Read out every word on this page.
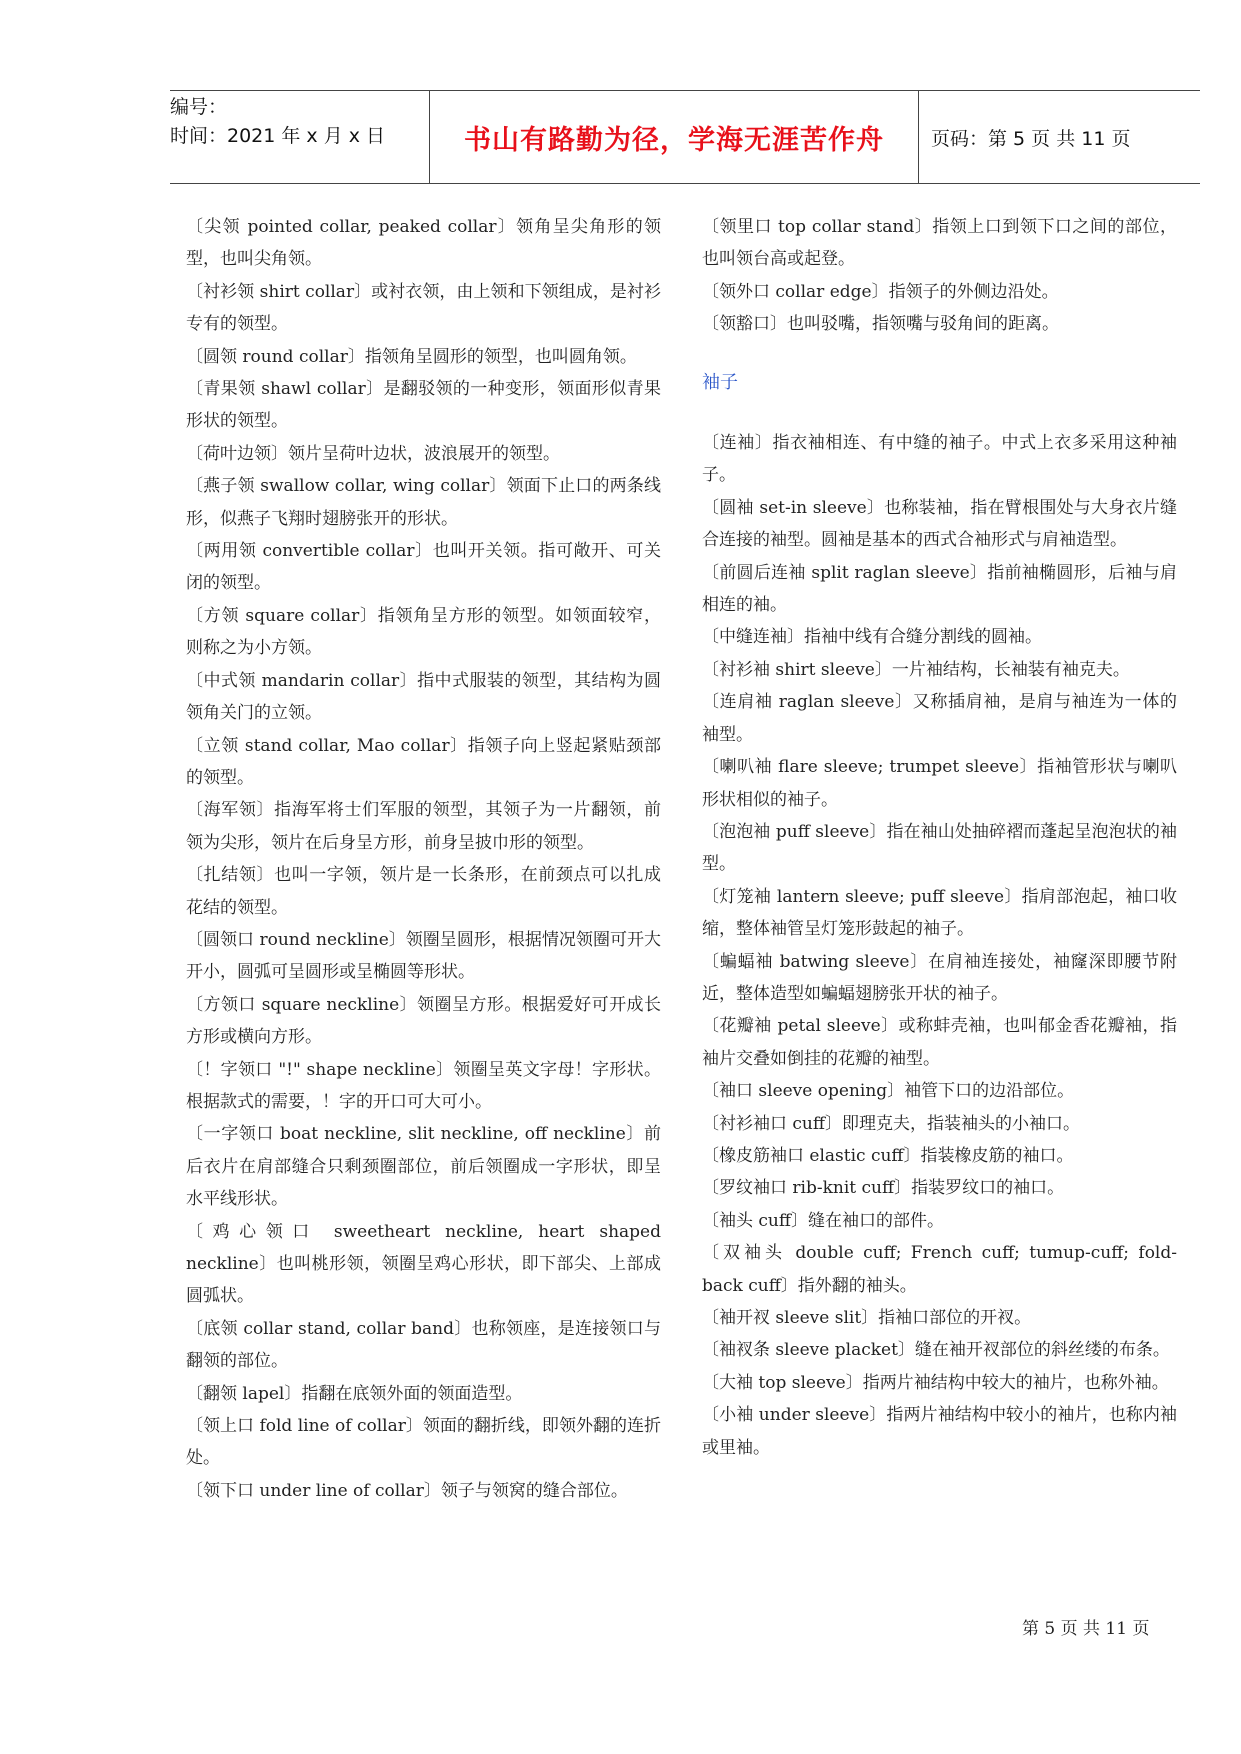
编号：
时间：2021 年 x 月 x 日	书山有路勤为径，学海无涯苦作舟	页码：第 5 页 共 11 页

〔尖领 pointed collar, peaked collar〕领角呈尖角形的领型，也叫尖角领。

〔衬衫领 shirt collar〕或衬衣领，由上领和下领组成，是衬衫专有的领型。

〔圆领 round collar〕指领角呈圆形的领型，也叫圆角领。

〔青果领 shawl collar〕是翻驳领的一种变形，领面形似青果形状的领型。

〔荷叶边领〕领片呈荷叶边状，波浪展开的领型。

〔燕子领 swallow collar, wing collar〕领面下止口的两条线形，似燕子飞翔时翅膀张开的形状。

〔两用领 convertible collar〕也叫开关领。指可敞开、可关闭的领型。

〔方领 square collar〕指领角呈方形的领型。如领面较窄，则称之为小方领。

〔中式领 mandarin collar〕指中式服装的领型，其结构为圆领角关门的立领。

〔立领 stand collar, Mao collar〕指领子向上竖起紧贴颈部的领型。

〔海军领〕指海军将士们军服的领型，其领子为一片翻领，前领为尖形，领片在后身呈方形，前身呈披巾形的领型。

〔扎结领〕也叫一字领，领片是一长条形，在前颈点可以扎成花结的领型。

〔圆领口 round neckline〕领圈呈圆形，根据情况领圈可开大开小，圆弧可呈圆形或呈椭圆等形状。

〔方领口 square neckline〕领圈呈方形。根据爱好可开成长方形或横向方形。

〔！字领口 "!" shape neckline〕领圈呈英文字母！字形状。根据款式的需要，！字的开口可大可小。

〔一字领口 boat neckline, slit neckline, off neckline〕前后衣片在肩部缝合只剩颈圈部位，前后领圈成一字形状，即呈水平线形状。

〔鸡心领口 sweetheart neckline, heart shaped neckline〕也叫桃形领，领圈呈鸡心形状，即下部尖、上部成圆弧状。

〔底领 collar stand, collar band〕也称领座，是连接领口与翻领的部位。

〔翻领 lapel〕指翻在底领外面的领面造型。

〔领上口 fold line of collar〕领面的翻折线，即领外翻的连折处。

〔领下口 under line of collar〕领子与领窝的缝合部位。

〔领里口 top collar stand〕指领上口到领下口之间的部位，也叫领台高或起登。

〔领外口 collar edge〕指领子的外侧边沿处。

〔领豁口〕也叫驳嘴，指领嘴与驳角间的距离。

袖子

〔连袖〕指衣袖相连、有中缝的袖子。中式上衣多采用这种袖子。

〔圆袖 set-in sleeve〕也称装袖，指在臂根围处与大身衣片缝合连接的袖型。圆袖是基本的西式合袖形式与肩袖造型。

〔前圆后连袖 split raglan sleeve〕指前袖椭圆形，后袖与肩相连的袖。

〔中缝连袖〕指袖中线有合缝分割线的圆袖。

〔衬衫袖 shirt sleeve〕一片袖结构，长袖装有袖克夫。

〔连肩袖 raglan sleeve〕又称插肩袖，是肩与袖连为一体的袖型。

〔喇叭袖 flare sleeve; trumpet sleeve〕指袖管形状与喇叭形状相似的袖子。

〔泡泡袖 puff sleeve〕指在袖山处抽碎褶而蓬起呈泡泡状的袖型。

〔灯笼袖 lantern sleeve; puff sleeve〕指肩部泡起，袖口收缩，整体袖管呈灯笼形鼓起的袖子。

〔蝙蝠袖 batwing sleeve〕在肩袖连接处，袖窿深即腰节附近，整体造型如蝙蝠翅膀张开状的袖子。

〔花瓣袖 petal sleeve〕或称蚌壳袖，也叫郁金香花瓣袖，指袖片交叠如倒挂的花瓣的袖型。

〔袖口 sleeve opening〕袖管下口的边沿部位。

〔衬衫袖口 cuff〕即理克夫，指装袖头的小袖口。

〔橡皮筋袖口 elastic cuff〕指装橡皮筋的袖口。

〔罗纹袖口 rib-knit cuff〕指装罗纹口的袖口。

〔袖头 cuff〕缝在袖口的部件。

〔双袖头 double cuff; French cuff; tumup-cuff; fold-back cuff〕指外翻的袖头。

〔袖开衩 sleeve slit〕指袖口部位的开衩。

〔袖衩条 sleeve placket〕缝在袖开衩部位的斜丝缕的布条。

〔大袖 top sleeve〕指两片袖结构中较大的袖片，也称外袖。

〔小袖 under sleeve〕指两片袖结构中较小的袖片，也称内袖或里袖。

第 5 页 共 11 页
